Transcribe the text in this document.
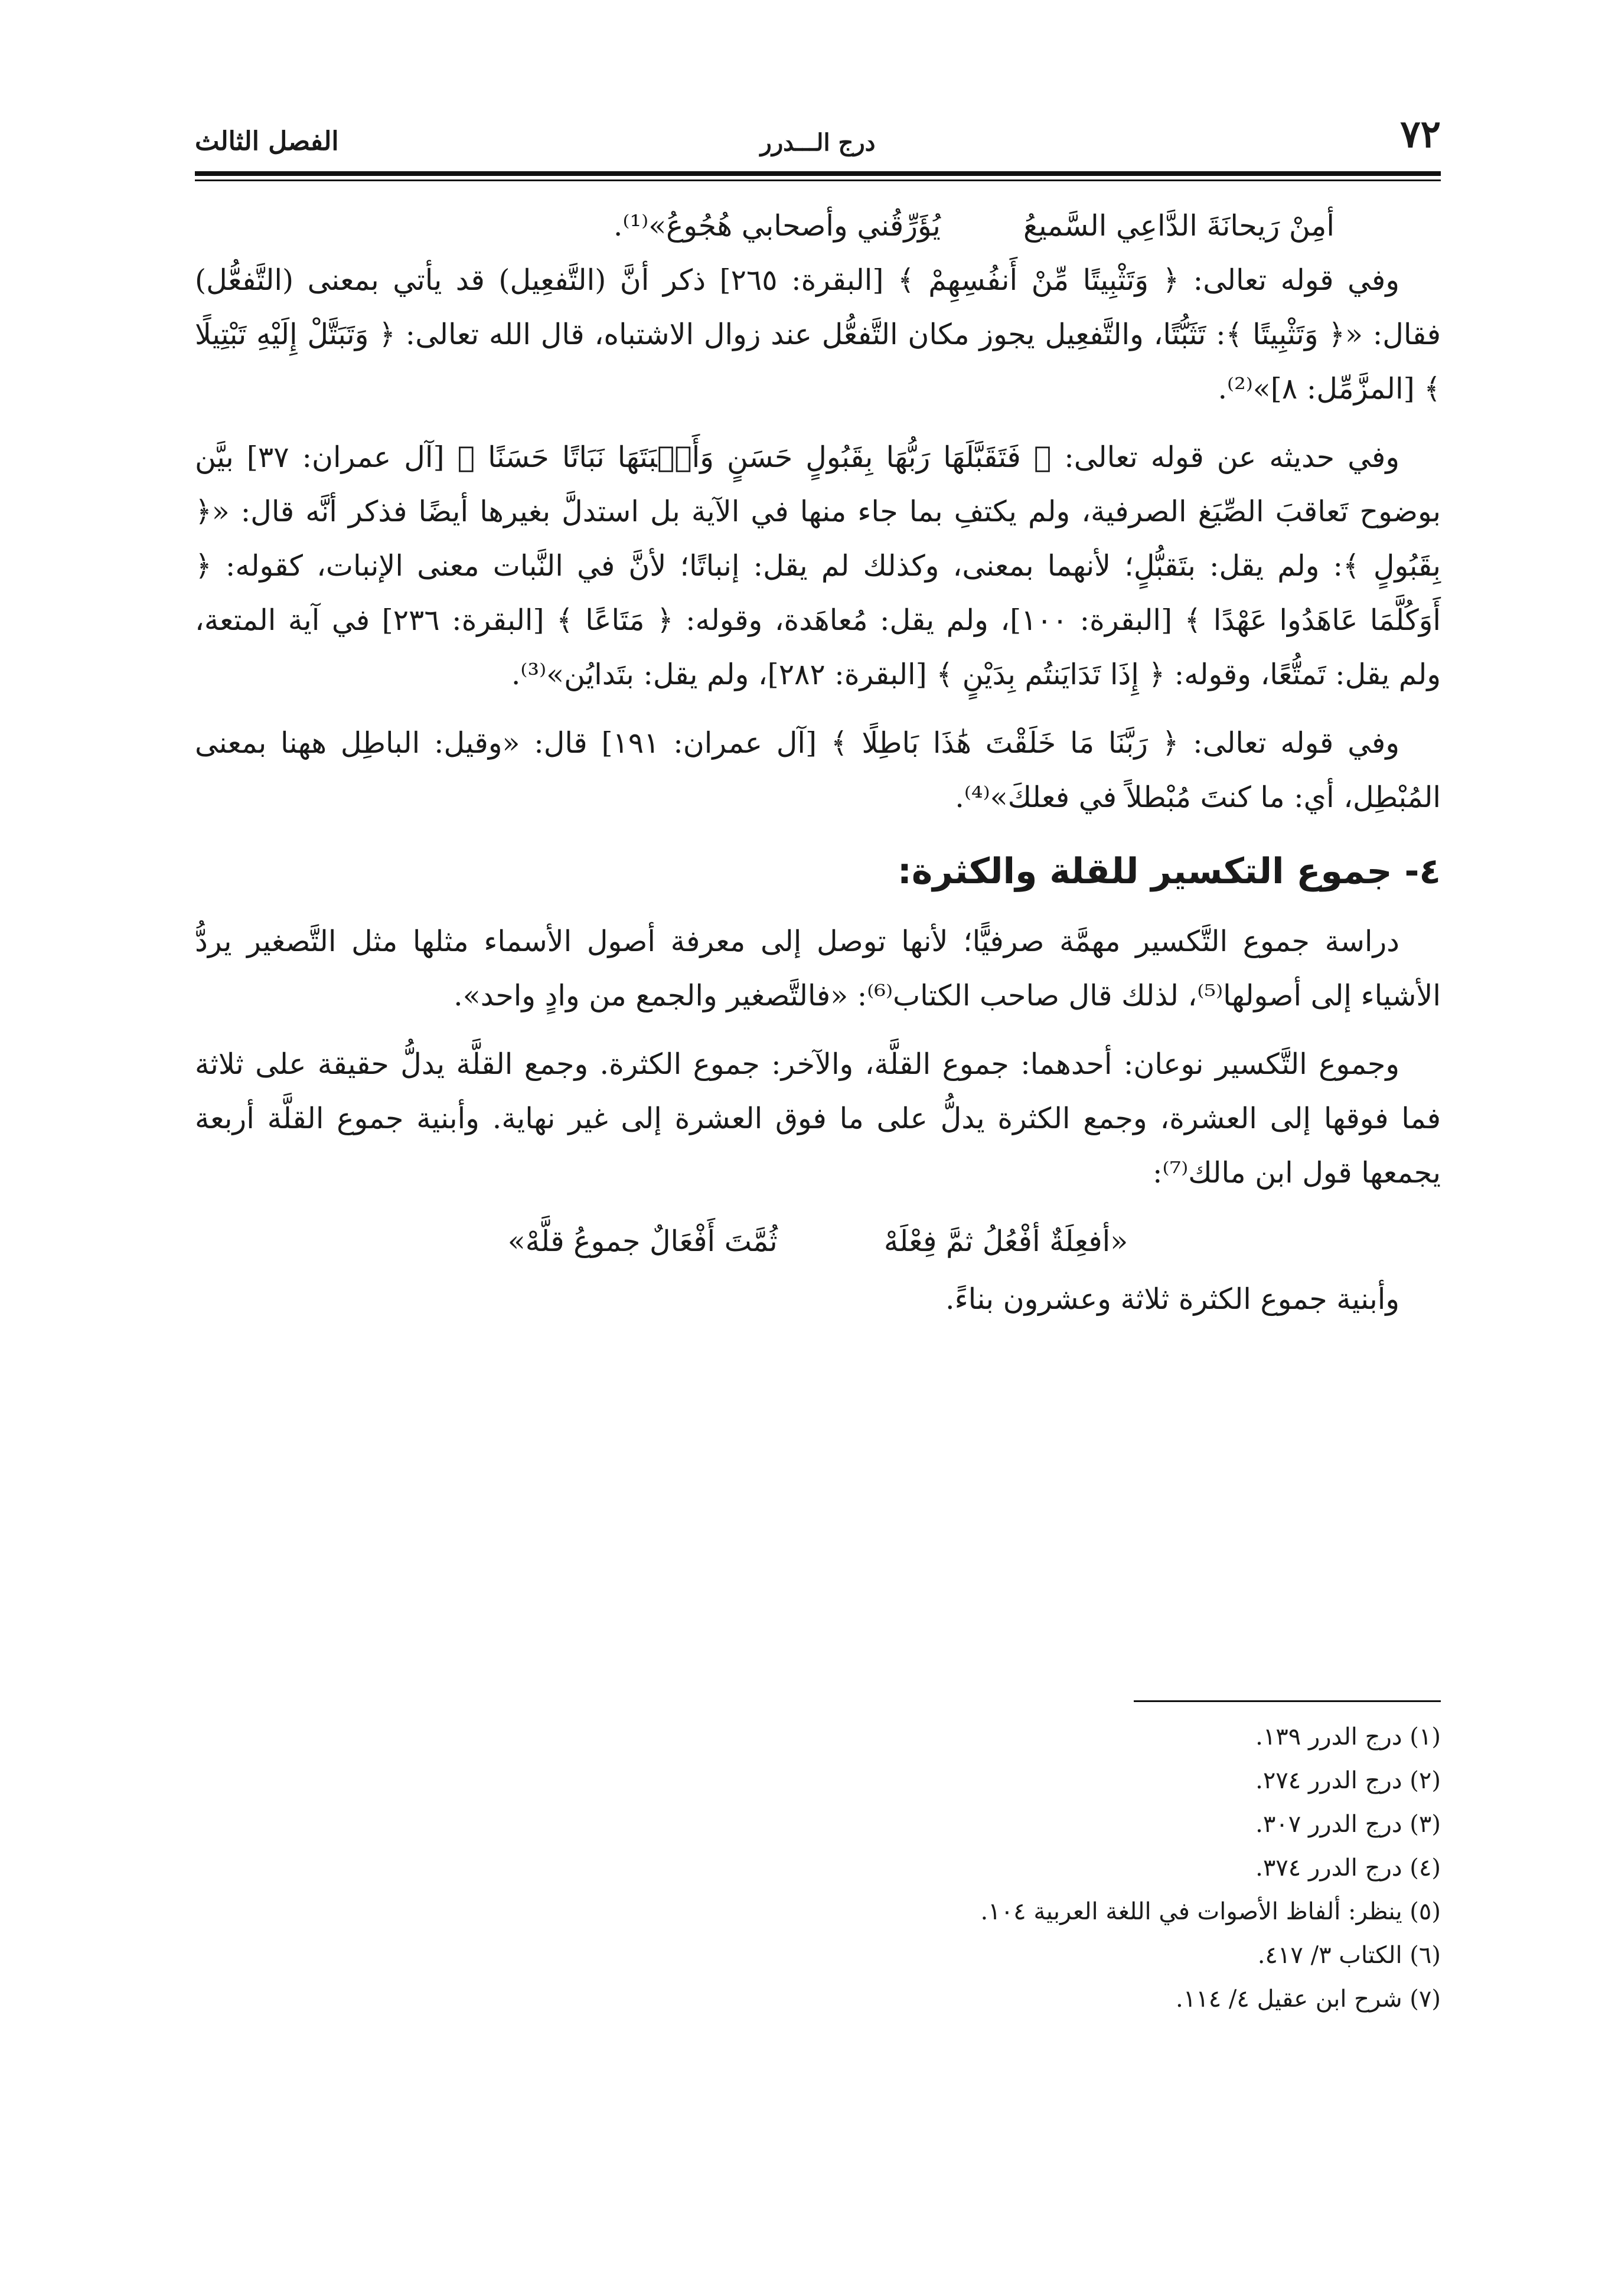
٧٢
درج الـــدرر
الفصل الثالث
أمِنْ رَيحانَةَ الدَّاعِي السَّميعُ
يُؤَرِّقُني وأصحابي هُجُوعُ»⁽¹⁾.

وفي قوله تعالى: ﴿ وَتَثْبِيتًا مِّنْ أَنفُسِهِمْ ﴾ [البقرة: ٢٦٥] ذكر أنَّ (التَّفعِيل) قد يأتي بمعنى (التَّفعُّل) فقال: «﴿ وَتَثْبِيتًا ﴾: تَثَبُّتًا، والتَّفعِيل يجوز مكان التَّفعُّل عند زوال الاشتباه، قال الله تعالى: ﴿ وَتَبَتَّلْ إِلَيْهِ تَبْتِيلًا ﴾ [المزَّمِّل: ٨]»⁽²⁾.

وفي حديثه عن قوله تعالى: ﴿ فَتَقَبَّلَهَا رَبُّهَا بِقَبُولٍ حَسَنٍ وَأَنۢبَتَهَا نَبَاتًا حَسَنًا ﴾ [آل عمران: ٣٧] بيَّن بوضوح تَعاقبَ الصِّيَغ الصرفية، ولم يكتفِ بما جاء منها في الآية بل استدلَّ بغيرها أيضًا فذكر أنَّه قال: «﴿ بِقَبُولٍ ﴾: ولم يقل: بتَقبُّلٍ؛ لأنهما بمعنى، وكذلك لم يقل: إنباتًا؛ لأنَّ في النَّبات معنى الإنبات، كقوله: ﴿ أَوَكُلَّمَا عَاهَدُوا عَهْدًا ﴾ [البقرة: ١٠٠]، ولم يقل: مُعاهَدة، وقوله: ﴿ مَتَاعًا ﴾ [البقرة: ٢٣٦] في آية المتعة، ولم يقل: تَمتُّعًا، وقوله: ﴿ إِذَا تَدَايَنتُم بِدَيْنٍ ﴾ [البقرة: ٢٨٢]، ولم يقل: بتَدايُن»⁽³⁾.

وفي قوله تعالى: ﴿ رَبَّنَا مَا خَلَقْتَ هَٰذَا بَاطِلًا ﴾ [آل عمران: ١٩١] قال: «وقيل: الباطِل ههنا بمعنى المُبْطِل، أي: ما كنتَ مُبْطلاً في فعلكَ»⁽⁴⁾.

٤- جموع التكسير للقلة والكثرة:

دراسة جموع التَّكسير مهمَّة صرفيًّا؛ لأنها توصل إلى معرفة أصول الأسماء مثلها مثل التَّصغير يردُّ الأشياء إلى أصولها⁽⁵⁾، لذلك قال صاحب الكتاب⁽⁶⁾: «فالتَّصغير والجمع من وادٍ واحد».

وجموع التَّكسير نوعان: أحدهما: جموع القلَّة، والآخر: جموع الكثرة. وجمع القلَّة يدلُّ حقيقة على ثلاثة فما فوقها إلى العشرة، وجمع الكثرة يدلُّ على ما فوق العشرة إلى غير نهاية. وأبنية جموع القلَّة أربعة يجمعها قول ابن مالك⁽⁷⁾:

«أفعِلَةٌ أفْعُلُ ثمَّ فِعْلَهْ
ثُمَّتَ أَفْعَالٌ جموعُ قلَّهْ»

وأبنية جموع الكثرة ثلاثة وعشرون بناءً.

(١) درج الدرر ١٣٩.
(٢) درج الدرر ٢٧٤.
(٣) درج الدرر ٣٠٧.
(٤) درج الدرر ٣٧٤.
(٥) ينظر: ألفاظ الأصوات في اللغة العربية ١٠٤.
(٦) الكتاب ٣/ ٤١٧.
(٧) شرح ابن عقيل ٤/ ١١٤.
